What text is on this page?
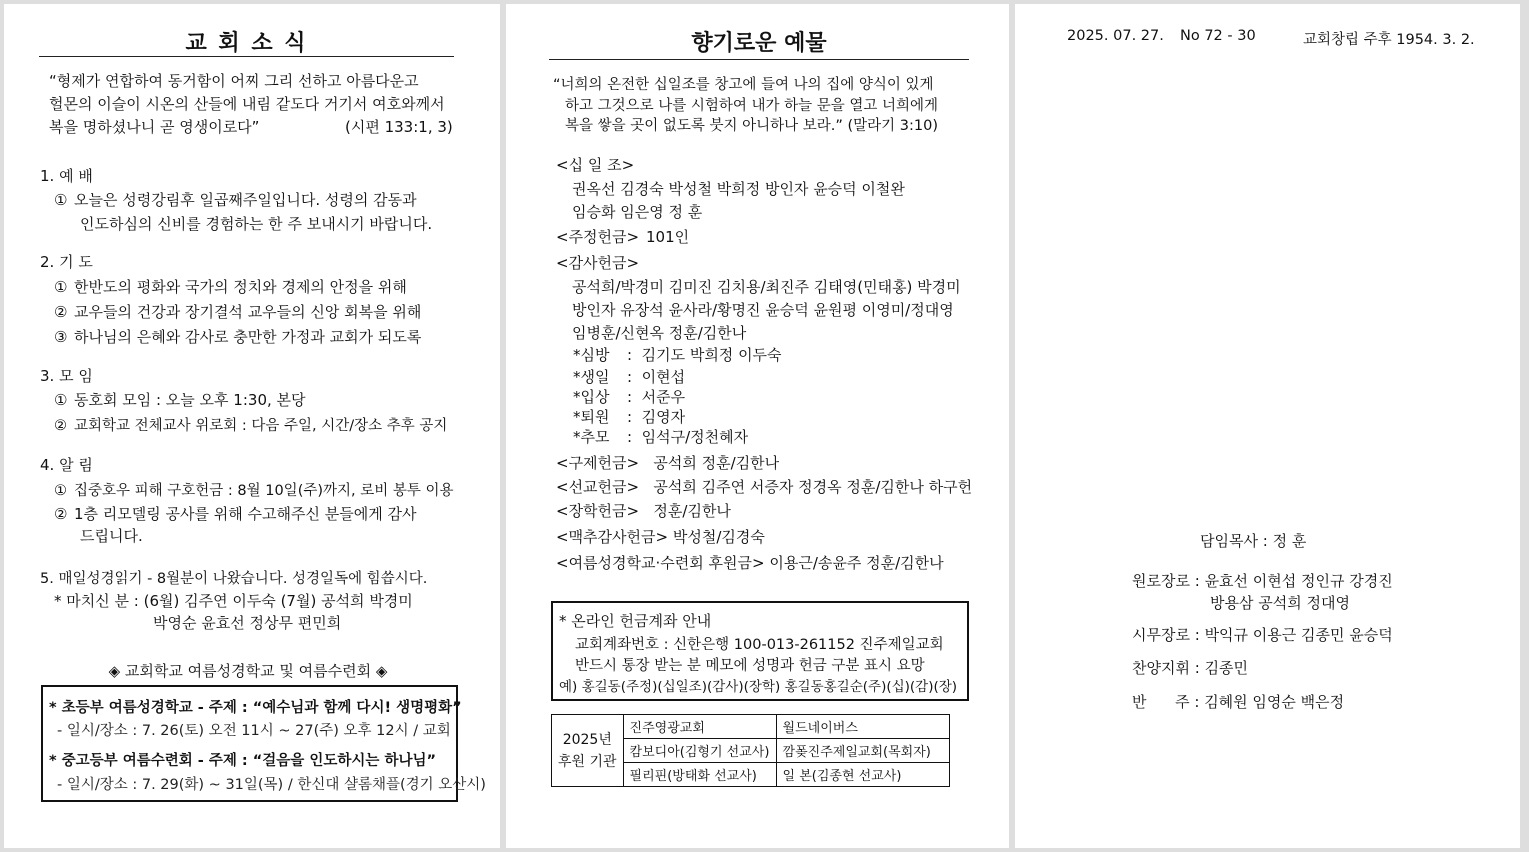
교 회 소 식
“형제가 연합하여 동거함이 어찌 그리 선하고 아름다운고
헐몬의 이슬이 시온의 산들에 내림 같도다 거기서 여호와께서
복을 명하셨나니 곧 영생이로다”	(시편 133:1, 3)
1. 예 배
① 오늘은 성령강림후 일곱째주일입니다. 성령의 감동과
인도하심의 신비를 경험하는 한 주 보내시기 바랍니다.
2. 기 도
① 한반도의 평화와 국가의 정치와 경제의 안정을 위해
② 교우들의 건강과 장기결석 교우들의 신앙 회복을 위해
③ 하나님의 은혜와 감사로 충만한 가정과 교회가 되도록
3. 모 임
① 동호회 모임 : 오늘 오후 1:30, 본당
② 교회학교 전체교사 위로회 : 다음 주일, 시간/장소 추후 공지
4. 알 림
① 집중호우 피해 구호헌금 : 8월 10일(주)까지, 로비 봉투 이용
② 1층 리모델링 공사를 위해 수고해주신 분들에게 감사
드립니다.
5. 매일성경읽기 - 8월분이 나왔습니다. 성경일독에 힘씁시다.
* 마치신 분 : (6월) 김주연 이두숙 (7월) 공석희 박경미
박영순 윤효선 정상무 편민희
◈ 교회학교 여름성경학교 및 여름수련회 ◈
* 초등부 여름성경학교 - 주제 : “예수님과 함께 다시! 생명평화”
- 일시/장소 : 7. 26(토) 오전 11시 ~ 27(주) 오후 12시 / 교회
* 중고등부 여름수련회 - 주제 : “걸음을 인도하시는 하나님”
- 일시/장소 : 7. 29(화) ~ 31일(목) / 한신대 샬롬채플(경기 오산시)
향기로운 예물
“너희의 온전한 십일조를 창고에 들여 나의 집에 양식이 있게
하고 그것으로 나를 시험하여 내가 하늘 문을 열고 너희에게
복을 쌓을 곳이 없도록 붓지 아니하나 보라.” (말라기 3:10)
<십 일 조>
권옥선 김경숙 박성철 박희정 방인자 윤승덕 이철완
임승화 임은영 정 훈
<주정헌금> 101인
<감사헌금>
공석희/박경미 김미진 김치용/최진주 김태영(민태홍) 박경미
방인자 유장석 윤사라/황명진 윤승덕 윤원평 이영미/정대영
임병훈/신현옥 정훈/김한나
*심방 :  김기도 박희정 이두숙
*생일 :  이현섭
*입상 :  서준우
*퇴원 :  김영자
*추모 :  임석구/정천혜자
<구제헌금> 공석희 정훈/김한나
<선교헌금> 공석희 김주연 서증자 정경옥 정훈/김한나 하구헌
<장학헌금> 정훈/김한나
<맥추감사헌금> 박성철/김경숙
<여름성경학교·수련회 후원금> 이용근/송윤주 정훈/김한나
* 온라인 헌금계좌 안내
교회계좌번호 : 신한은행 100-013-261152 진주제일교회
반드시 통장 받는 분 메모에 성명과 헌금 구분 표시 요망
예) 홍길동(주정)(십일조)(감사)(장학) 홍길동홍길순(주)(십)(감)(장)
2025년
후원 기관	진주영광교회	월드네이버스
	캄보디아(김형기 선교사)	깜퐂진주제일교회(목회자)
	필리핀(방태화 선교사)	일 본(김종현 선교사)
2025. 07. 27. No 72 - 30	교회창립 주후 1954. 3. 2.
담임목사 : 정 훈
원로장로 : 윤효선 이현섭 정인규 강경진
방용삼 공석희 정대영
시무장로 : 박익규 이용근 김종민 윤승덕
찬양지휘 : 김종민
반      주 : 김혜원 임영순 백은정
